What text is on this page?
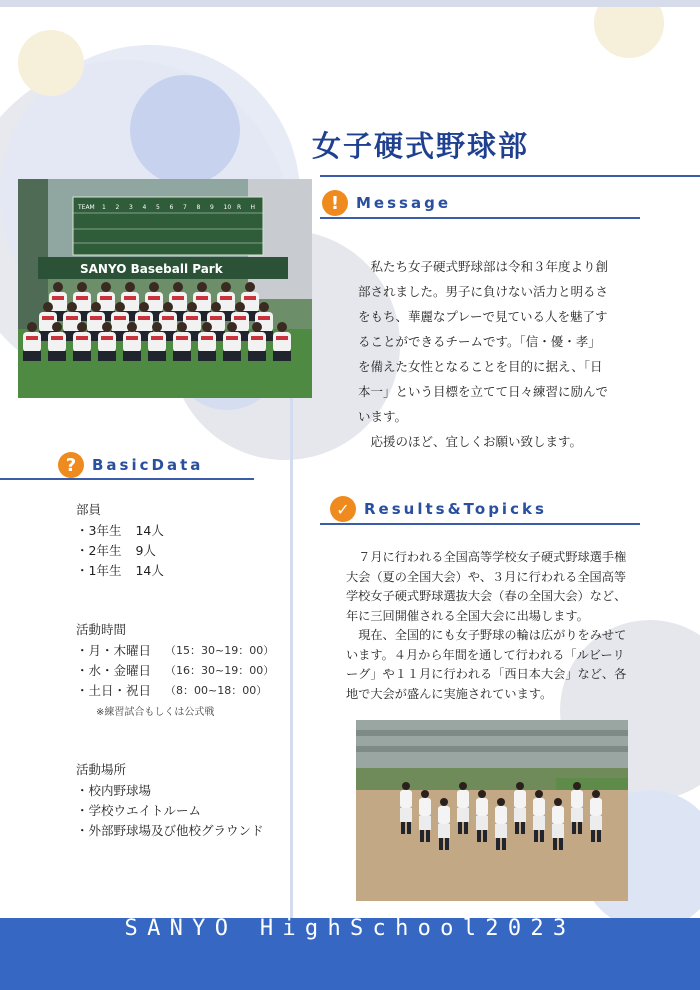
女子硬式野球部
TEAM 1 2 3 4 5 6 7 8 9 10 R H
SANYO Baseball Park
!	Message

私たち女子硬式野球部は令和３年度より創部されました。男子に負けない活力と明るさをもち、華麗なプレーで見ている人を魅了することができるチームです。「信・優・孝」を備えた女性となることを目的に据え、「日本一」という目標を立てて日々練習に励んでいます。

応援のほど、宜しくお願い致します。

?	BasicData
部員
・3年生 14人
・2年生 9人
・1年生 14人
活動時間
・月・木曜日 （15：30~19：00）
・水・金曜日 （16：30~19：00）
・土日・祝日 （8：00~18：00）
※練習試合もしくは公式戦
活動場所
・校内野球場
・学校ウエイトルーム
・外部野球場及び他校グラウンド
✓ Results&Topicks

７月に行われる全国高等学校女子硬式野球選手権大会（夏の全国大会）や、３月に行われる全国高等学校女子硬式野球選抜大会（春の全国大会）など、年に三回開催される全国大会に出場します。

現在、全国的にも女子野球の輪は広がりをみせています。４月から年間を通して行われる「ルビーリーグ」や１１月に行われる「西日本大会」など、各地で大会が盛んに実施されています。

SANYO HighSchool2023
